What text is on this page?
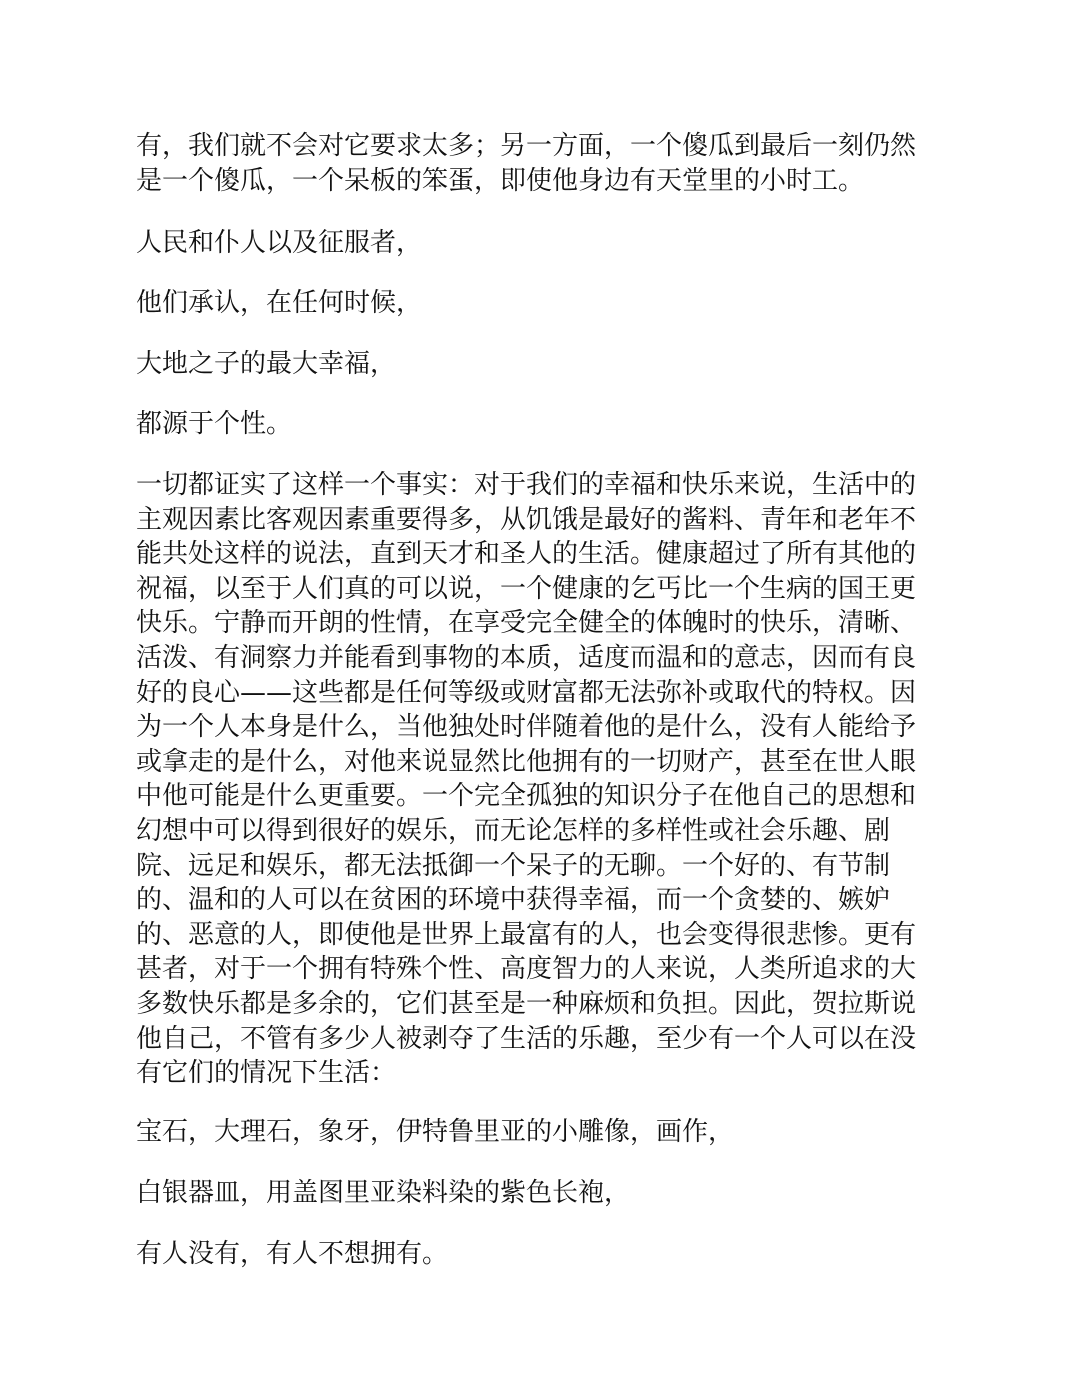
有，我们就不会对它要求太多；另一方面，一个傻瓜到最后一刻仍然
是一个傻瓜，一个呆板的笨蛋，即使他身边有天堂里的小时工。
人民和仆人以及征服者，
他们承认，在任何时候，
大地之子的最大幸福，
都源于个性。
一切都证实了这样一个事实：对于我们的幸福和快乐来说，生活中的
主观因素比客观因素重要得多，从饥饿是最好的酱料、青年和老年不
能共处这样的说法，直到天才和圣人的生活。健康超过了所有其他的
祝福，以至于人们真的可以说，一个健康的乞丐比一个生病的国王更
快乐。宁静而开朗的性情，在享受完全健全的体魄时的快乐，清晰、
活泼、有洞察力并能看到事物的本质，适度而温和的意志，因而有良
好的良心——这些都是任何等级或财富都无法弥补或取代的特权。因
为一个人本身是什么，当他独处时伴随着他的是什么，没有人能给予
或拿走的是什么，对他来说显然比他拥有的一切财产，甚至在世人眼
中他可能是什么更重要。一个完全孤独的知识分子在他自己的思想和
幻想中可以得到很好的娱乐，而无论怎样的多样性或社会乐趣、剧
院、远足和娱乐，都无法抵御一个呆子的无聊。一个好的、有节制
的、温和的人可以在贫困的环境中获得幸福，而一个贪婪的、嫉妒
的、恶意的人，即使他是世界上最富有的人，也会变得很悲惨。更有
甚者，对于一个拥有特殊个性、高度智力的人来说，人类所追求的大
多数快乐都是多余的，它们甚至是一种麻烦和负担。因此，贺拉斯说
他自己，不管有多少人被剥夺了生活的乐趣，至少有一个人可以在没
有它们的情况下生活：
宝石，大理石，象牙，伊特鲁里亚的小雕像，画作，
白银器皿，用盖图里亚染料染的紫色长袍，
有人没有，有人不想拥有。
